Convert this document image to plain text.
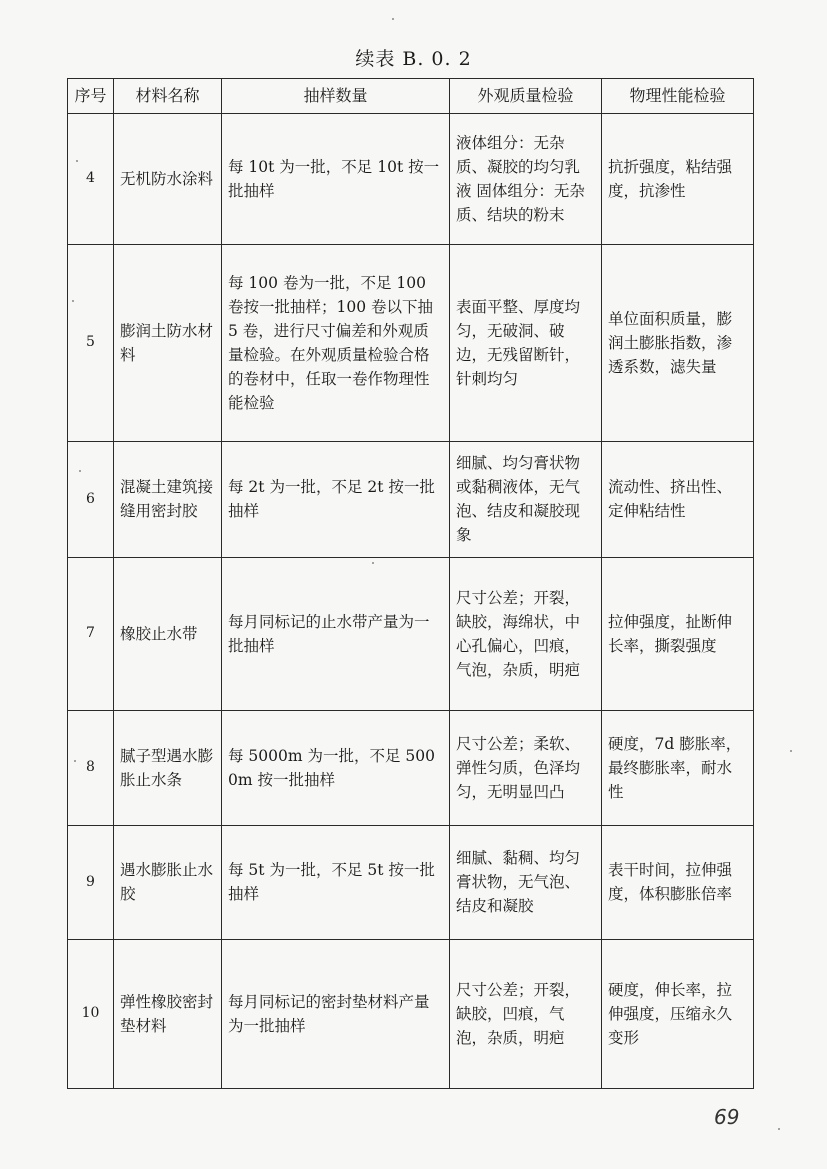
续表 B. 0. 2
序号	材料名称	抽样数量	外观质量检验	物理性能检验
4	无机防水涂料	每 10t 为一批，不足 10t 按一批抽样	液体组分：无杂质、凝胶的均匀乳液 固体组分：无杂质、结块的粉末	抗折强度，粘结强度，抗渗性
5	膨润土防水材料	每 100 卷为一批，不足 100 卷按一批抽样；100 卷以下抽 5 卷，进行尺寸偏差和外观质量检验。在外观质量检验合格的卷材中，任取一卷作物理性能检验	表面平整、厚度均匀，无破洞、破边，无残留断针，针刺均匀	单位面积质量，膨润土膨胀指数，渗透系数，滤失量
6	混凝土建筑接缝用密封胶	每 2t 为一批，不足 2t 按一批抽样	细腻、均匀膏状物或黏稠液体，无气泡、结皮和凝胶现象	流动性、挤出性、定伸粘结性
7	橡胶止水带	每月同标记的止水带产量为一批抽样	尺寸公差；开裂，缺胶，海绵状，中心孔偏心，凹痕，气泡，杂质，明疤	拉伸强度，扯断伸长率，撕裂强度
8	腻子型遇水膨胀止水条	每 5000m 为一批，不足 5000m 按一批抽样	尺寸公差；柔软、弹性匀质，色泽均匀，无明显凹凸	硬度，7d 膨胀率，最终膨胀率，耐水性
9	遇水膨胀止水胶	每 5t 为一批，不足 5t 按一批抽样	细腻、黏稠、均匀膏状物，无气泡、结皮和凝胶	表干时间，拉伸强度，体积膨胀倍率
10	弹性橡胶密封垫材料	每月同标记的密封垫材料产量为一批抽样	尺寸公差；开裂，缺胶，凹痕，气泡，杂质，明疤	硬度，伸长率，拉伸强度，压缩永久变形
69
